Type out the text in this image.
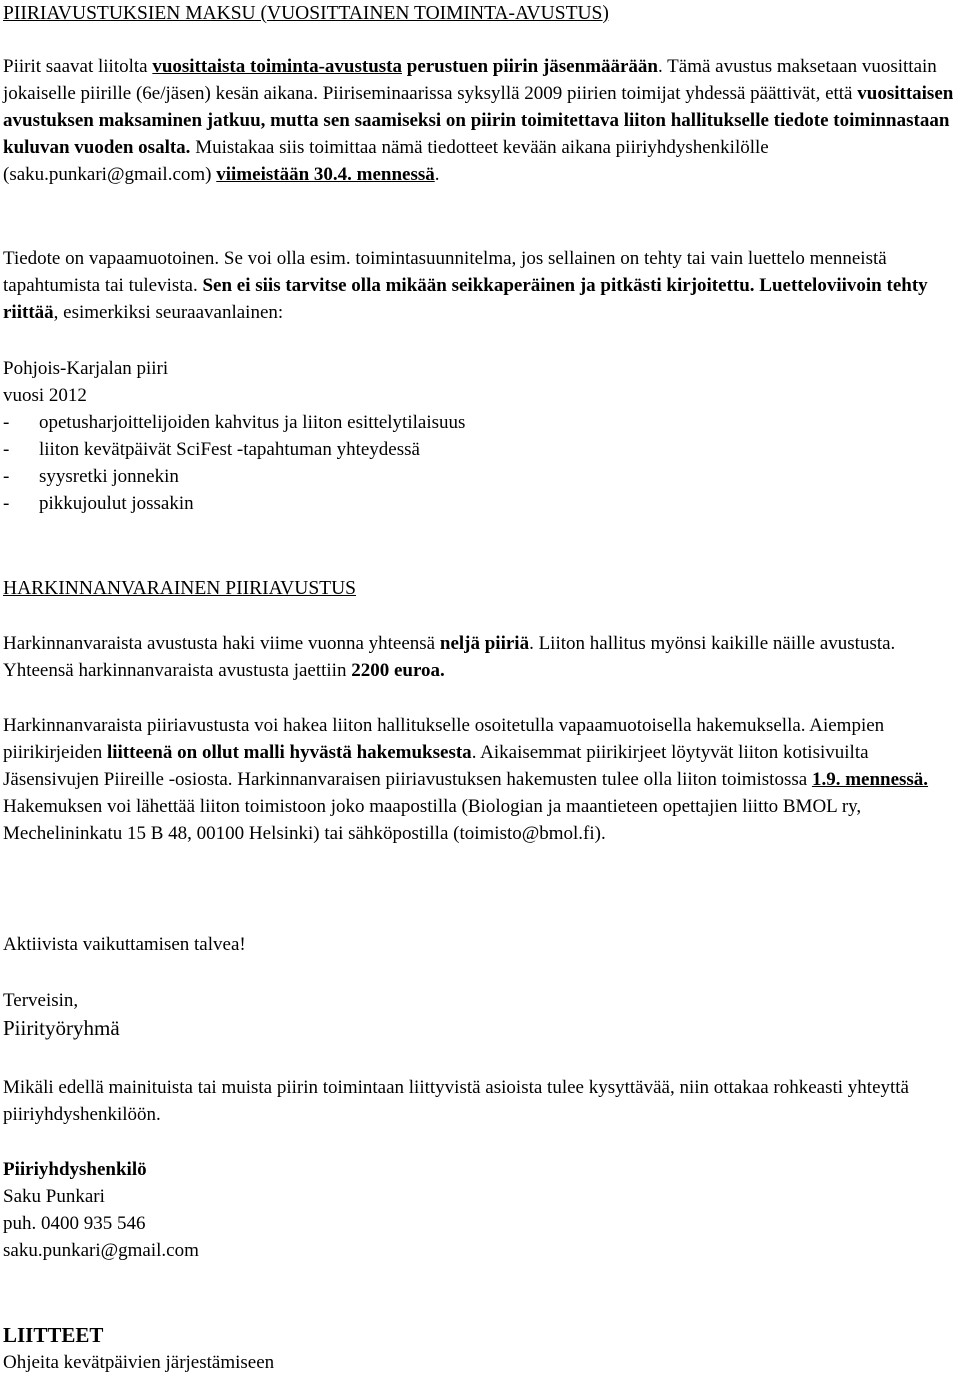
PIIRIAVUSTUKSIEN MAKSU (VUOSITTAINEN TOIMINTA-AVUSTUS)

Piirit saavat liitolta vuosittaista toiminta-avustusta perustuen piirin jäsenmäärään. Tämä avustus maksetaan vuosittain jokaiselle piirille (6e/jäsen) kesän aikana. Piiriseminaarissa syksyllä 2009 piirien toimijat yhdessä päättivät, että vuosittaisen avustuksen maksaminen jatkuu, mutta sen saamiseksi on piirin toimitettava liiton hallitukselle tiedote toiminnastaan kuluvan vuoden osalta. Muistakaa siis toimittaa nämä tiedotteet kevään aikana piiriyhdyshenkilölle (saku.punkari@gmail.com) viimeistään 30.4. mennessä.

Tiedote on vapaamuotoinen. Se voi olla esim. toimintasuunnitelma, jos sellainen on tehty tai vain luettelo menneistä tapahtumista tai tulevista. Sen ei siis tarvitse olla mikään seikkaperäinen ja pitkästi kirjoitettu. Luetteloviivoin tehty riittää, esimerkiksi seuraavanlainen:

Pohjois-Karjalan piiri

vuosi 2012

-	opetusharjoittelijoiden kahvitus ja liiton esittelytilaisuus
-	liiton kevätpäivät SciFest -tapahtuman yhteydessä
-	syysretki jonnekin
-	pikkujoulut jossakin

HARKINNANVARAINEN PIIRIAVUSTUS

Harkinnanvaraista avustusta haki viime vuonna yhteensä neljä piiriä. Liiton hallitus myönsi kaikille näille avustusta. Yhteensä harkinnanvaraista avustusta jaettiin 2200 euroa.

Harkinnanvaraista piiriavustusta voi hakea liiton hallitukselle osoitetulla vapaamuotoisella hakemuksella. Aiempien piirikirjeiden liitteenä on ollut malli hyvästä hakemuksesta. Aikaisemmat piirikirjeet löytyvät liiton kotisivuilta Jäsensivujen Piireille -osiosta. Harkinnanvaraisen piiriavustuksen hakemusten tulee olla liiton toimistossa 1.9. mennessä. Hakemuksen voi lähettää liiton toimistoon joko maapostilla (Biologian ja maantieteen opettajien liitto BMOL ry, Mechelininkatu 15 B 48, 00100 Helsinki) tai sähköpostilla (toimisto@bmol.fi).

Aktiivista vaikuttamisen talvea!

Terveisin,

Piirityöryhmä

Mikäli edellä mainituista tai muista piirin toimintaan liittyvistä asioista tulee kysyttävää, niin ottakaa rohkeasti yhteyttä piiriyhdyshenkilöön.

Piiriyhdyshenkilö

Saku Punkari

puh. 0400 935 546

saku.punkari@gmail.com

LIITTEET

Ohjeita kevätpäivien järjestämiseen
